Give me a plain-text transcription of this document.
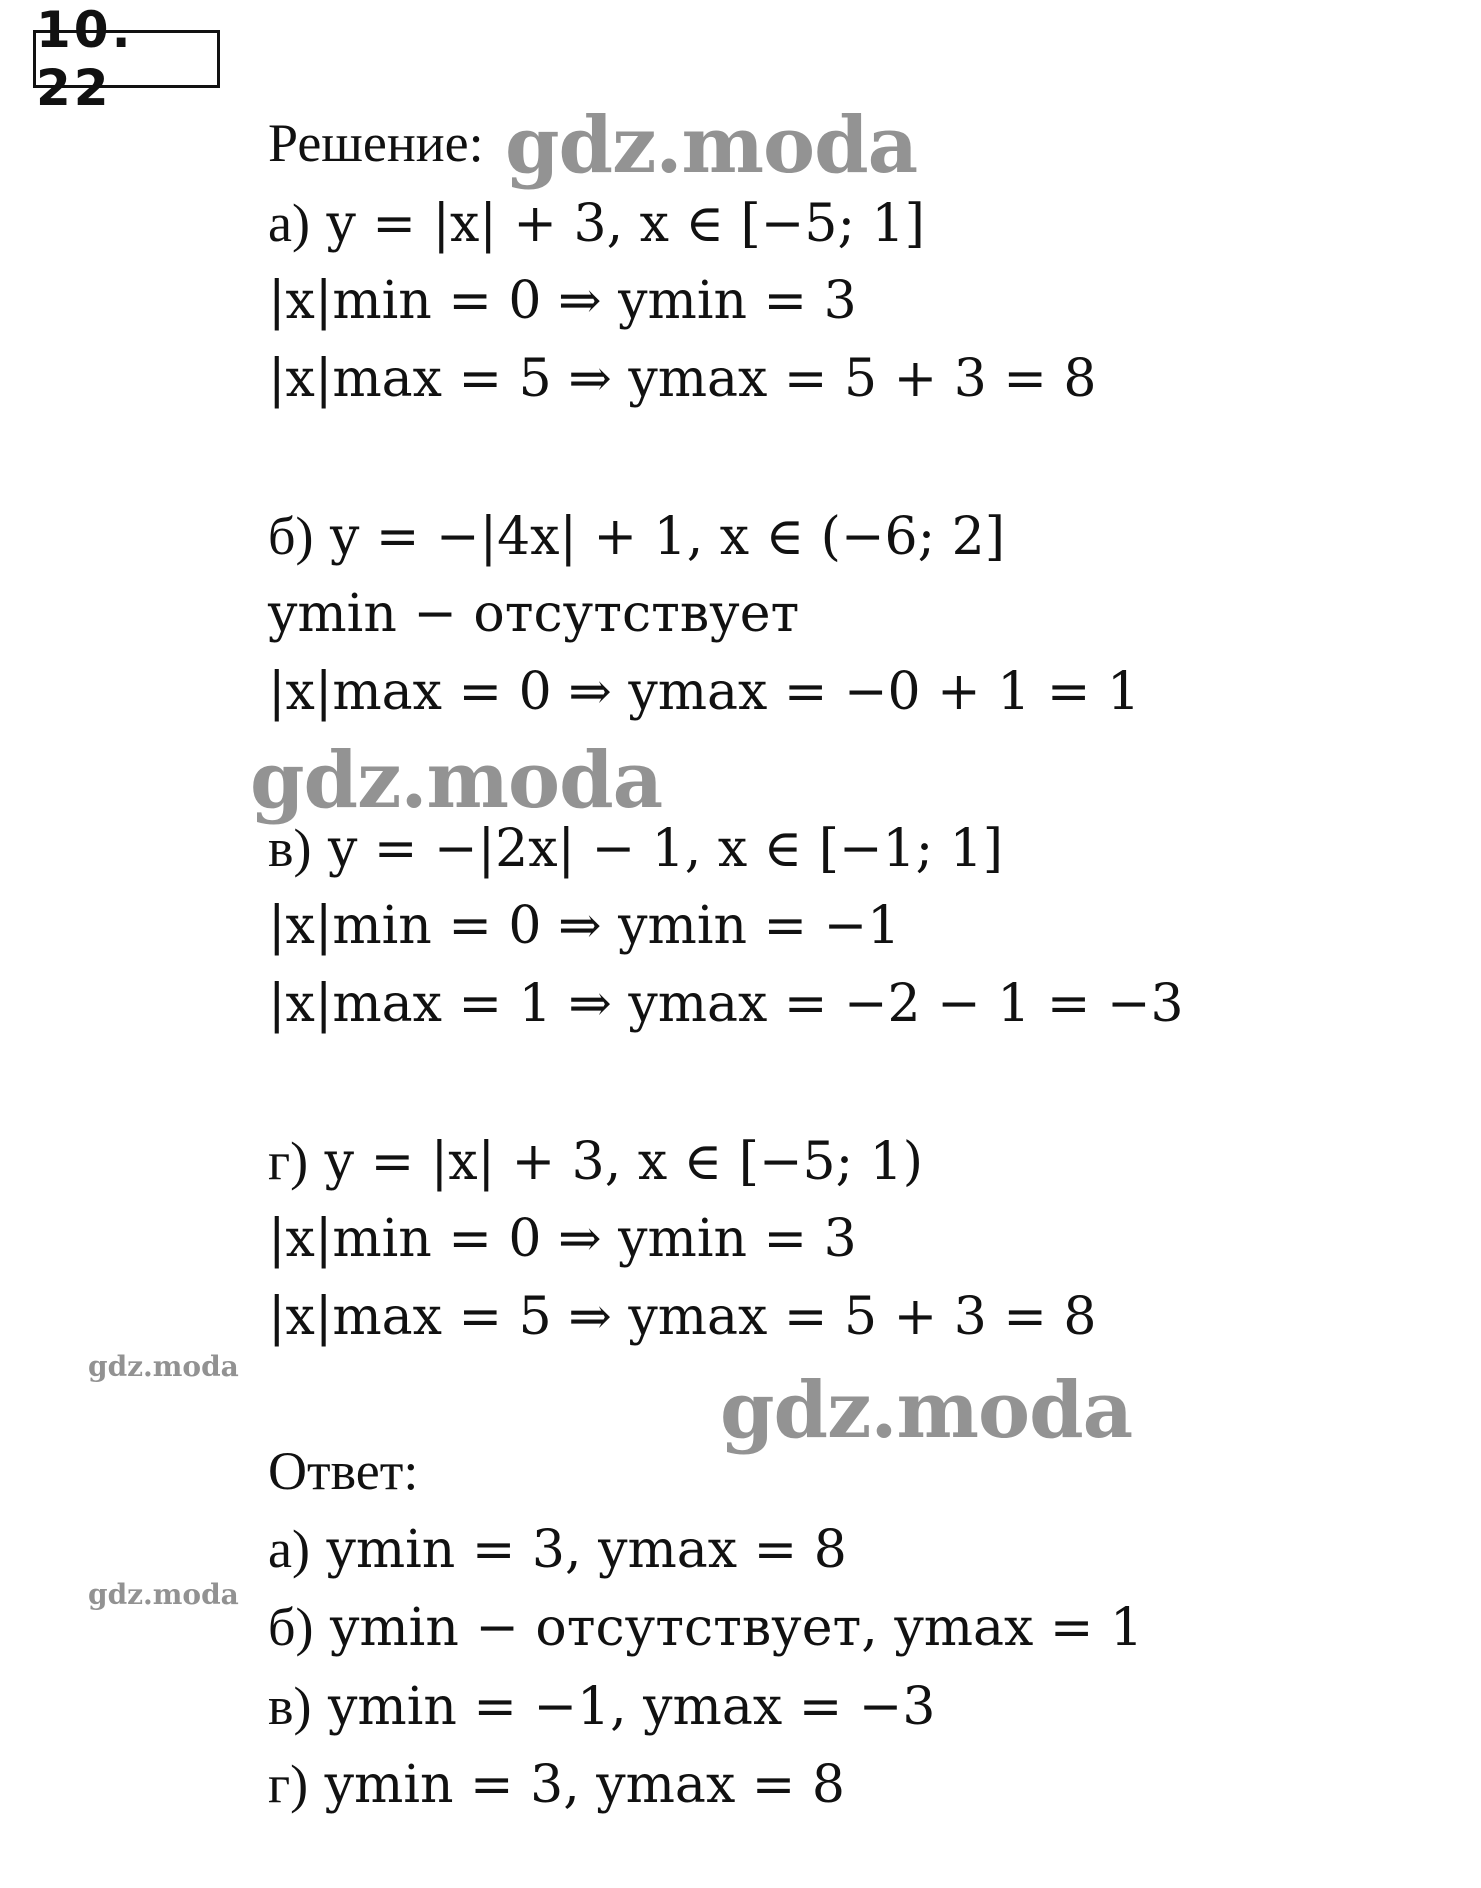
10. 22
Решение:
а) y = |x| + 3, x ∈ [−5; 1]
|x|min = 0 ⇒ ymin = 3
|x|max = 5 ⇒ ymax = 5 + 3 = 8
б) y = −|4x| + 1, x ∈ (−6; 2]
ymin − отсутствует
|x|max = 0 ⇒ ymax = −0 + 1 = 1
в) y = −|2x| − 1, x ∈ [−1; 1]
|x|min = 0 ⇒ ymin = −1
|x|max = 1 ⇒ ymax = −2 − 1 = −3
г) y = |x| + 3, x ∈ [−5; 1)
|x|min = 0 ⇒ ymin = 3
|x|max = 5 ⇒ ymax = 5 + 3 = 8
Ответ:
а) ymin = 3, ymax = 8
б) ymin − отсутствует, ymax = 1
в) ymin = −1, ymax = −3
г) ymin = 3, ymax = 8
gdz.moda
gdz.moda
gdz.moda
gdz.moda
gdz.moda
